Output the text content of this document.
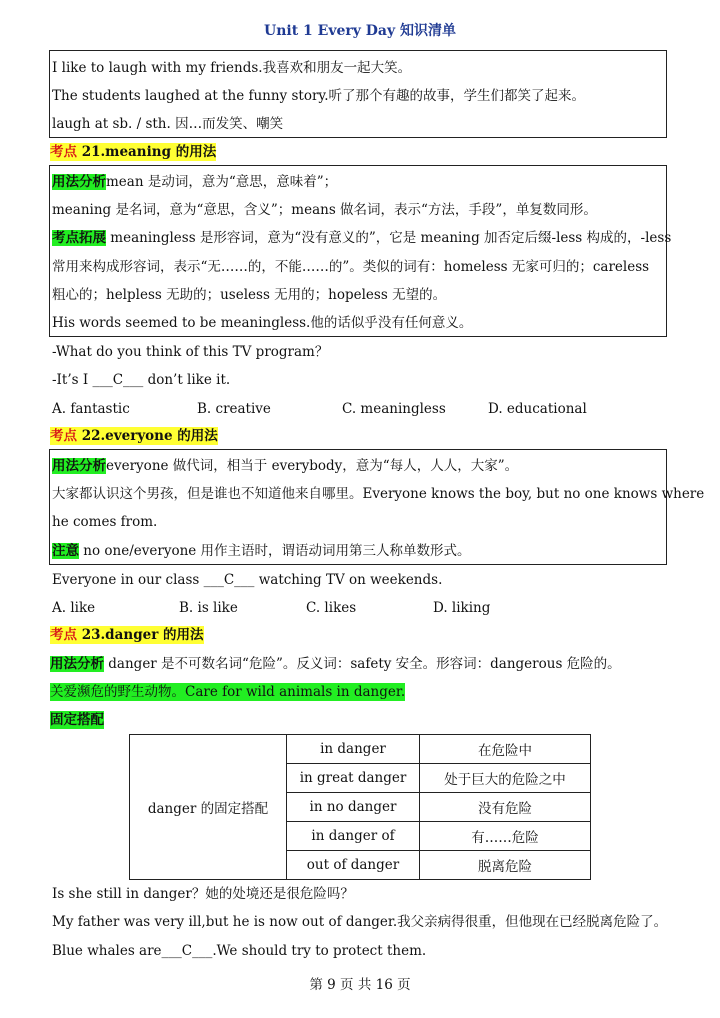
Unit 1 Every Day 知识清单
I like to laugh with my friends.我喜欢和朋友一起大笑。
The students laughed at the funny story.听了那个有趣的故事，学生们都笑了起来。
laugh at sb. / sth. 因…而发笑、嘲笑
考点 21.meaning 的用法
用法分析mean 是动词，意为“意思，意味着”；
meaning 是名词，意为“意思，含义”；means 做名词，表示“方法，手段”，单复数同形。
考点拓展 meaningless 是形容词，意为“没有意义的”，它是 meaning 加否定后缀-less 构成的，-less
常用来构成形容词，表示“无……的，不能……的”。类似的词有：homeless 无家可归的；careless
粗心的；helpless 无助的；useless 无用的；hopeless 无望的。
His words seemed to be meaningless.他的话似乎没有任何意义。
-What do you think of this TV program？
-It’s I ___C___ don’t like it.
A. fantastic	B. creative	C. meaningless	D. educational
考点 22.everyone 的用法
用法分析everyone 做代词，相当于 everybody，意为“每人，人人，大家”。
大家都认识这个男孩，但是谁也不知道他来自哪里。Everyone knows the boy, but no one knows where
he comes from.
注意 no one/everyone 用作主语时，谓语动词用第三人称单数形式。
Everyone in our class ___C___ watching TV on weekends.
A. like	B. is like	C. likes	D. liking
考点 23.danger 的用法
用法分析 danger 是不可数名词“危险”。反义词：safety 安全。形容词：dangerous 危险的。
关爱濒危的野生动物。Care for wild animals in danger.
固定搭配
danger 的固定搭配	in danger	在危险中
	in great danger	处于巨大的危险之中
	in no danger	没有危险
	in danger of	有……危险
	out of danger	脱离危险
Is she still in danger？她的处境还是很危险吗？
My father was very ill,but he is now out of danger.我父亲病得很重，但他现在已经脱离危险了。
Blue whales are___C___.We should try to protect them.
第 9 页 共 16 页
